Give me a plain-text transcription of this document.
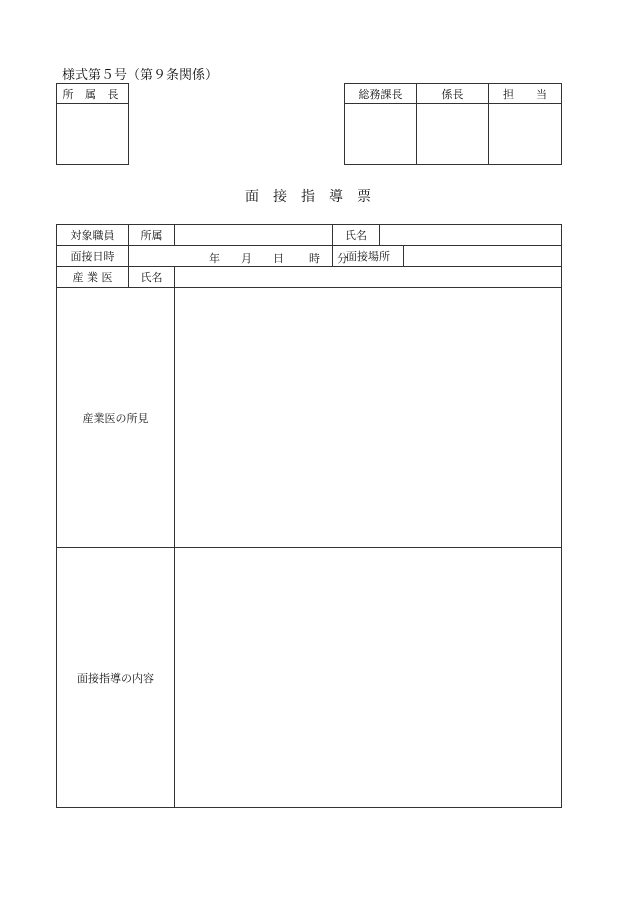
様式第５号（第９条関係）
所 属 長	総務課長	係長	担　　当

面接指導票
対象職員	所属		氏名		
面接日時	年 月 日 時 分		面接場所		
産 業 医	氏名				
産業医の所見					
面接指導の内容					
